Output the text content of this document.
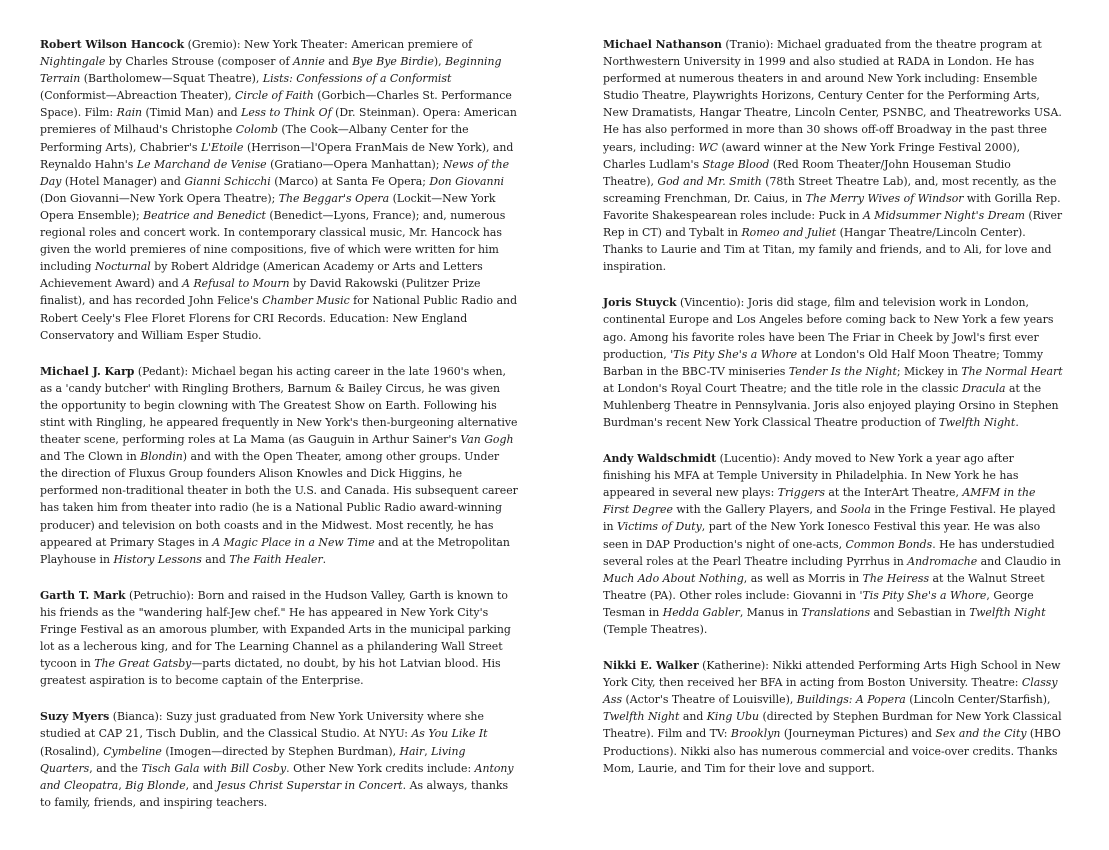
Robert Wilson Hancock (Gremio): New York Theater: American premiere of Nightingale by Charles Strouse (composer of Annie and Bye Bye Birdie), Beginning Terrain (Bartholomew—Squat Theatre), Lists: Confessions of a Conformist (Conformist—Abreaction Theater), Circle of Faith (Gorbich—Charles St. Performance Space). Film: Rain (Timid Man) and Less to Think Of (Dr. Steinman). Opera: American premieres of Milhaud's Christophe Colomb (The Cook—Albany Center for the Performing Arts), Chabrier's L'Etoile (Herrison—l'Opera FranMais de New York), and Reynaldo Hahn's Le Marchand de Venise (Gratiano—Opera Manhattan); News of the Day (Hotel Manager) and Gianni Schicchi (Marco) at Santa Fe Opera; Don Giovanni (Don Giovanni—New York Opera Theatre); The Beggar's Opera (Lockit—New York Opera Ensemble); Beatrice and Benedict (Benedict—Lyons, France); and, numerous regional roles and concert work. In contemporary classical music, Mr. Hancock has given the world premieres of nine compositions, five of which were written for him including Nocturnal by Robert Aldridge (American Academy or Arts and Letters Achievement Award) and A Refusal to Mourn by David Rakowski (Pulitzer Prize finalist), and has recorded John Felice's Chamber Music for National Public Radio and Robert Ceely's Flee Floret Florens for CRI Records. Education: New England Conservatory and William Esper Studio.

Michael J. Karp (Pedant): Michael began his acting career in the late 1960's when, as a 'candy butcher' with Ringling Brothers, Barnum & Bailey Circus, he was given the opportunity to begin clowning with The Greatest Show on Earth. Following his stint with Ringling, he appeared frequently in New York's then-burgeoning alternative theater scene, performing roles at La Mama (as Gauguin in Arthur Sainer's Van Gogh and The Clown in Blondin) and with the Open Theater, among other groups. Under the direction of Fluxus Group founders Alison Knowles and Dick Higgins, he performed non-traditional theater in both the U.S. and Canada. His subsequent career has taken him from theater into radio (he is a National Public Radio award-winning producer) and television on both coasts and in the Midwest. Most recently, he has appeared at Primary Stages in A Magic Place in a New Time and at the Metropolitan Playhouse in History Lessons and The Faith Healer.

Garth T. Mark (Petruchio): Born and raised in the Hudson Valley, Garth is known to his friends as the "wandering half-Jew chef." He has appeared in New York City's Fringe Festival as an amorous plumber, with Expanded Arts in the municipal parking lot as a lecherous king, and for The Learning Channel as a philandering Wall Street tycoon in The Great Gatsby—parts dictated, no doubt, by his hot Latvian blood. His greatest aspiration is to become captain of the Enterprise.

Suzy Myers (Bianca): Suzy just graduated from New York University where she studied at CAP 21, Tisch Dublin, and the Classical Studio. At NYU: As You Like It (Rosalind), Cymbeline (Imogen—directed by Stephen Burdman), Hair, Living Quarters, and the Tisch Gala with Bill Cosby. Other New York credits include: Antony and Cleopatra, Big Blonde, and Jesus Christ Superstar in Concert. As always, thanks to family, friends, and inspiring teachers.

Michael Nathanson (Tranio): Michael graduated from the theatre program at Northwestern University in 1999 and also studied at RADA in London. He has performed at numerous theaters in and around New York including: Ensemble Studio Theatre, Playwrights Horizons, Century Center for the Performing Arts, New Dramatists, Hangar Theatre, Lincoln Center, PSNBC, and Theatreworks USA. He has also performed in more than 30 shows off-off Broadway in the past three years, including: WC (award winner at the New York Fringe Festival 2000), Charles Ludlam's Stage Blood (Red Room Theater/John Houseman Studio Theatre), God and Mr. Smith (78th Street Theatre Lab), and, most recently, as the screaming Frenchman, Dr. Caius, in The Merry Wives of Windsor with Gorilla Rep. Favorite Shakespearean roles include: Puck in A Midsummer Night's Dream (River Rep in CT) and Tybalt in Romeo and Juliet (Hangar Theatre/Lincoln Center). Thanks to Laurie and Tim at Titan, my family and friends, and to Ali, for love and inspiration.

Joris Stuyck (Vincentio): Joris did stage, film and television work in London, continental Europe and Los Angeles before coming back to New York a few years ago. Among his favorite roles have been The Friar in Cheek by Jowl's first ever production, 'Tis Pity She's a Whore at London's Old Half Moon Theatre; Tommy Barban in the BBC-TV miniseries Tender Is the Night; Mickey in The Normal Heart at London's Royal Court Theatre; and the title role in the classic Dracula at the Muhlenberg Theatre in Pennsylvania. Joris also enjoyed playing Orsino in Stephen Burdman's recent New York Classical Theatre production of Twelfth Night.

Andy Waldschmidt (Lucentio): Andy moved to New York a year ago after finishing his MFA at Temple University in Philadelphia. In New York he has appeared in several new plays: Triggers at the InterArt Theatre, AMFM in the First Degree with the Gallery Players, and Soola in the Fringe Festival. He played in Victims of Duty, part of the New York Ionesco Festival this year. He was also seen in DAP Production's night of one-acts, Common Bonds. He has understudied several roles at the Pearl Theatre including Pyrrhus in Andromache and Claudio in Much Ado About Nothing, as well as Morris in The Heiress at the Walnut Street Theatre (PA). Other roles include: Giovanni in 'Tis Pity She's a Whore, George Tesman in Hedda Gabler, Manus in Translations and Sebastian in Twelfth Night (Temple Theatres).

Nikki E. Walker (Katherine): Nikki attended Performing Arts High School in New York City, then received her BFA in acting from Boston University. Theatre: Classy Ass (Actor's Theatre of Louisville), Buildings: A Popera (Lincoln Center/Starfish), Twelfth Night and King Ubu (directed by Stephen Burdman for New York Classical Theatre). Film and TV: Brooklyn (Journeyman Pictures) and Sex and the City (HBO Productions). Nikki also has numerous commercial and voice-over credits. Thanks Mom, Laurie, and Tim for their love and support.
